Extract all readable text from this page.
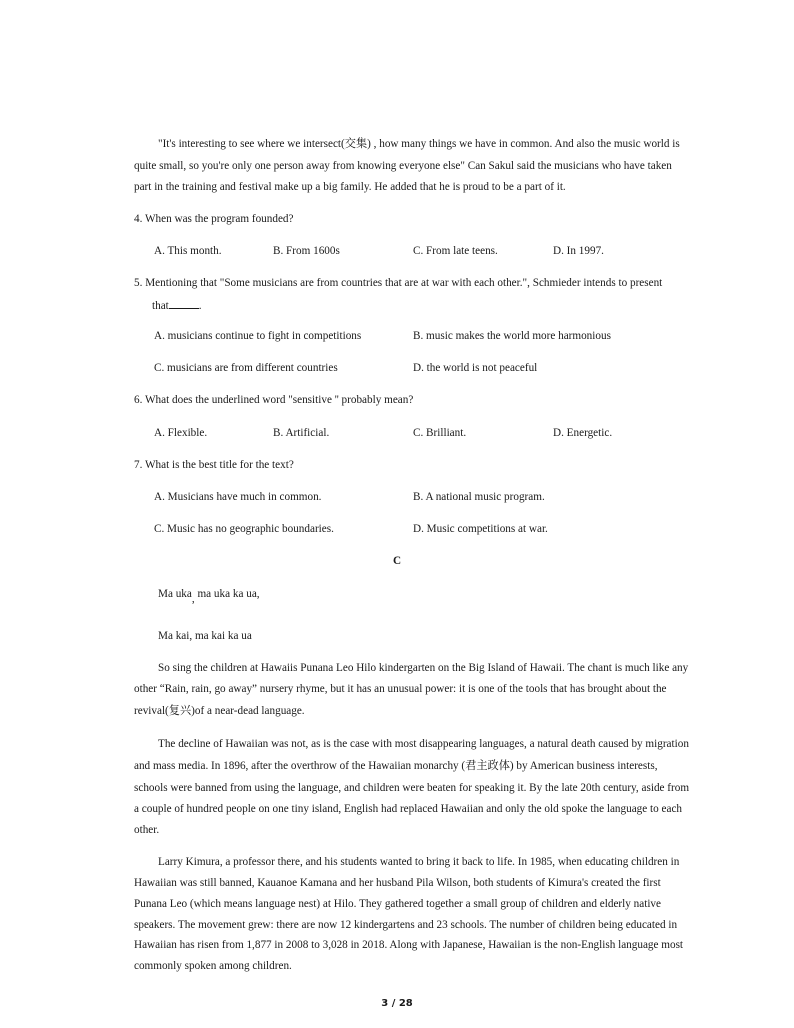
"It's interesting to see where we intersect(交集) , how many things we have in common. And also the music world is
quite small, so you're only one person away from knowing everyone else" Can Sakul said the musicians who have taken
part in the training and festival make up a big family. He added that he is proud to be a part of it.
4. When was the program founded?
A. This month.	B. From 1600s	C. From late teens.	D. In 1997.
5. Mentioning that "Some musicians are from countries that are at war with each other.", Schmieder intends to present
that	.
A. musicians continue to fight in competitions	B. music makes the world more harmonious
C. musicians are from different countries	D. the world is not peaceful
6. What does the underlined word "sensitive '' probably mean?
A. Flexible.	B. Artificial.	C. Brilliant.	D. Energetic.
7. What is the best title for the text?
A. Musicians have much in common.	B. A national music program.
C. Music has no geographic boundaries.	D. Music competitions at war.
C
Ma uka, ma uka ka ua,
Ma kai, ma kai ka ua
So sing the children at Hawaiis Punana Leo Hilo kindergarten on the Big Island of Hawaii. The chant is much like any
other “Rain, rain, go away” nursery rhyme, but it has an unusual power: it is one of the tools that has brought about the
revival(复兴)of a near-dead language.
The decline of Hawaiian was not, as is the case with most disappearing languages, a natural death caused by migration
and mass media. In 1896, after the overthrow of the Hawaiian monarchy (君主政体) by American business interests,
schools were banned from using the language, and children were beaten for speaking it. By the late 20th century, aside from
a couple of hundred people on one tiny island, English had replaced Hawaiian and only the old spoke the language to each
other.
Larry Kimura, a professor there, and his students wanted to bring it back to life. In 1985, when educating children in
Hawaiian was still banned, Kauanoe Kamana and her husband Pila Wilson, both students of Kimura's created the first
Punana Leo (which means language nest) at Hilo. They gathered together a small group of children and elderly native
speakers. The movement grew: there are now 12 kindergartens and 23 schools. The number of children being educated in
Hawaiian has risen from 1,877 in 2008 to 3,028 in 2018. Along with Japanese, Hawaiian is the non-English language most
commonly spoken among children.
3 / 28
